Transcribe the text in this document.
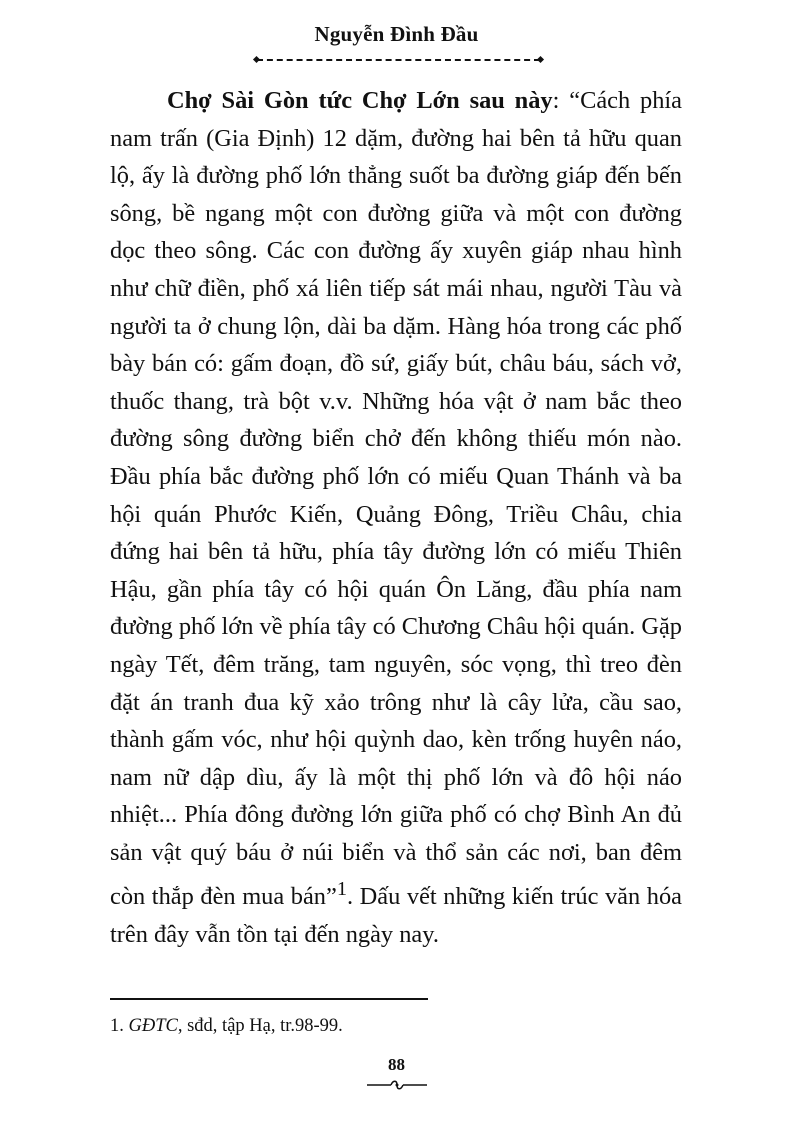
Nguyễn Đình Đầu

Chợ Sài Gòn tức Chợ Lớn sau này: “Cách phía nam trấn (Gia Định) 12 dặm, đường hai bên tả hữu quan lộ, ấy là đường phố lớn thẳng suốt ba đường giáp đến bến sông, bề ngang một con đường giữa và một con đường dọc theo sông. Các con đường ấy xuyên giáp nhau hình như chữ điền, phố xá liên tiếp sát mái nhau, người Tàu và người ta ở chung lộn, dài ba dặm. Hàng hóa trong các phố bày bán có: gấm đoạn, đồ sứ, giấy bút, châu báu, sách vở, thuốc thang, trà bột v.v. Những hóa vật ở nam bắc theo đường sông đường biển chở đến không thiếu món nào. Đầu phía bắc đường phố lớn có miếu Quan Thánh và ba hội quán Phước Kiến, Quảng Đông, Triều Châu, chia đứng hai bên tả hữu, phía tây đường lớn có miếu Thiên Hậu, gần phía tây có hội quán Ôn Lăng, đầu phía nam đường phố lớn về phía tây có Chương Châu hội quán. Gặp ngày Tết, đêm trăng, tam nguyên, sóc vọng, thì treo đèn đặt án tranh đua kỹ xảo trông như là cây lửa, cầu sao, thành gấm vóc, như hội quỳnh dao, kèn trống huyên náo, nam nữ dập dìu, ấy là một thị phố lớn và đô hội náo nhiệt... Phía đông đường lớn giữa phố có chợ Bình An đủ sản vật quý báu ở núi biển và thổ sản các nơi, ban đêm còn thắp đèn mua bán”$^1$. Dấu vết những kiến trúc văn hóa trên đây vẫn tồn tại đến ngày nay.

1. GĐTC, sđd, tập Hạ, tr.98-99.
88
